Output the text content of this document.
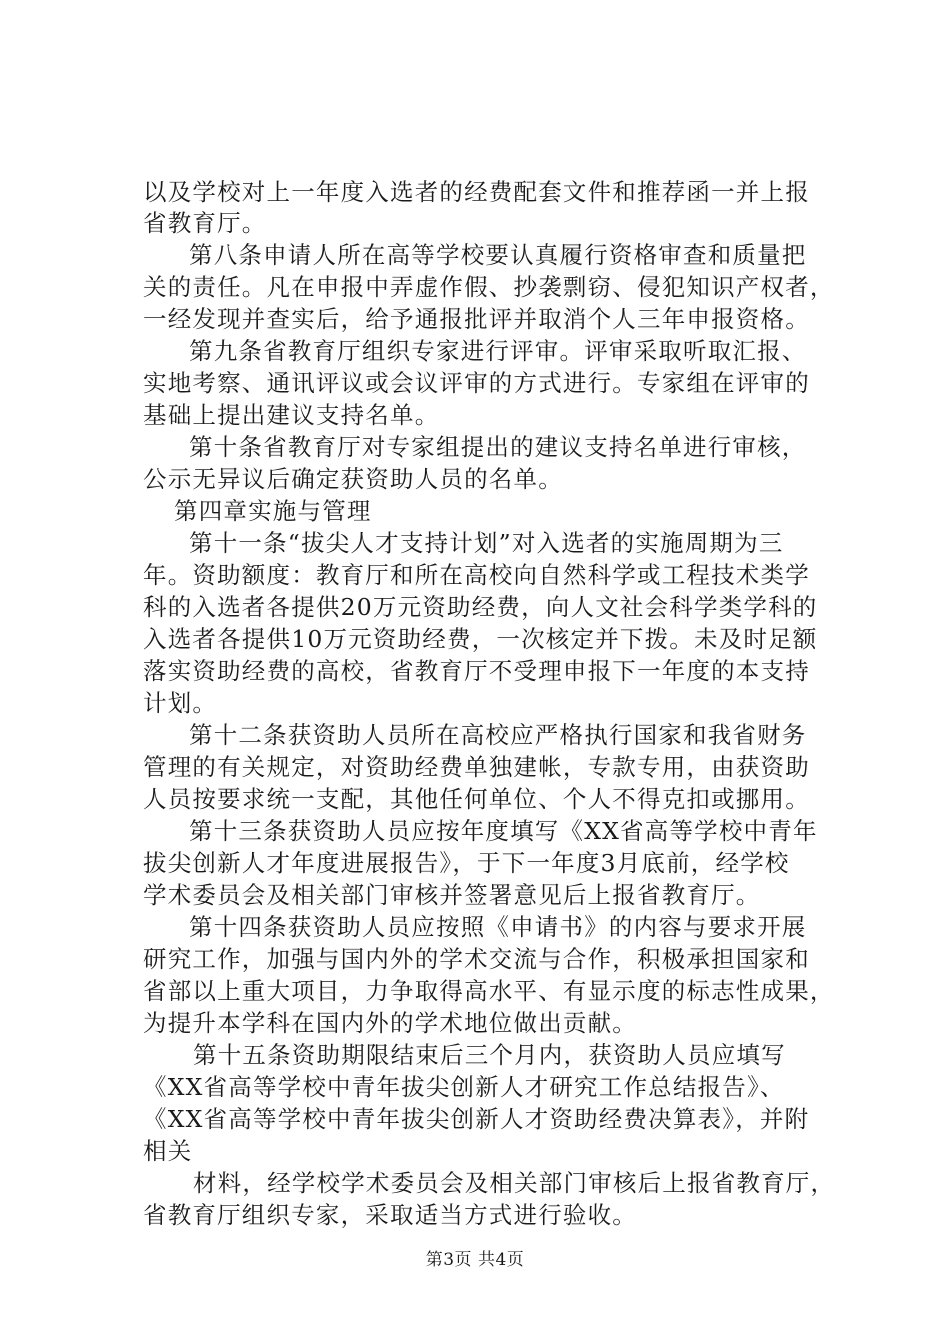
以及学校对上一年度入选者的经费配套文件和推荐函一并上报
省教育厅。
第八条申请人所在高等学校要认真履行资格审查和质量把
关的责任。凡在申报中弄虚作假、抄袭剽窃、侵犯知识产权者，
一经发现并查实后，给予通报批评并取消个人三年申报资格。
第九条省教育厅组织专家进行评审。评审采取听取汇报、
实地考察、通讯评议或会议评审的方式进行。专家组在评审的
基础上提出建议支持名单。
第十条省教育厅对专家组提出的建议支持名单进行审核，
公示无异议后确定获资助人员的名单。
第四章实施与管理
第十一条“拔尖人才支持计划”对入选者的实施周期为三
年。资助额度：教育厅和所在高校向自然科学或工程技术类学
科的入选者各提供20万元资助经费，向人文社会科学类学科的
入选者各提供10万元资助经费，一次核定并下拨。未及时足额
落实资助经费的高校，省教育厅不受理申报下一年度的本支持
计划。
第十二条获资助人员所在高校应严格执行国家和我省财务
管理的有关规定，对资助经费单独建帐，专款专用，由获资助
人员按要求统一支配，其他任何单位、个人不得克扣或挪用。
第十三条获资助人员应按年度填写《XX省高等学校中青年
拔尖创新人才年度进展报告》，于下一年度3月底前，经学校
学术委员会及相关部门审核并签署意见后上报省教育厅。
第十四条获资助人员应按照《申请书》的内容与要求开展
研究工作，加强与国内外的学术交流与合作，积极承担国家和
省部以上重大项目，力争取得高水平、有显示度的标志性成果，
为提升本学科在国内外的学术地位做出贡献。
第十五条资助期限结束后三个月内，获资助人员应填写
《XX省高等学校中青年拔尖创新人才研究工作总结报告》、
《XX省高等学校中青年拔尖创新人才资助经费决算表》，并附
相关
材料，经学校学术委员会及相关部门审核后上报省教育厅，
省教育厅组织专家，采取适当方式进行验收。
第3页 共4页
